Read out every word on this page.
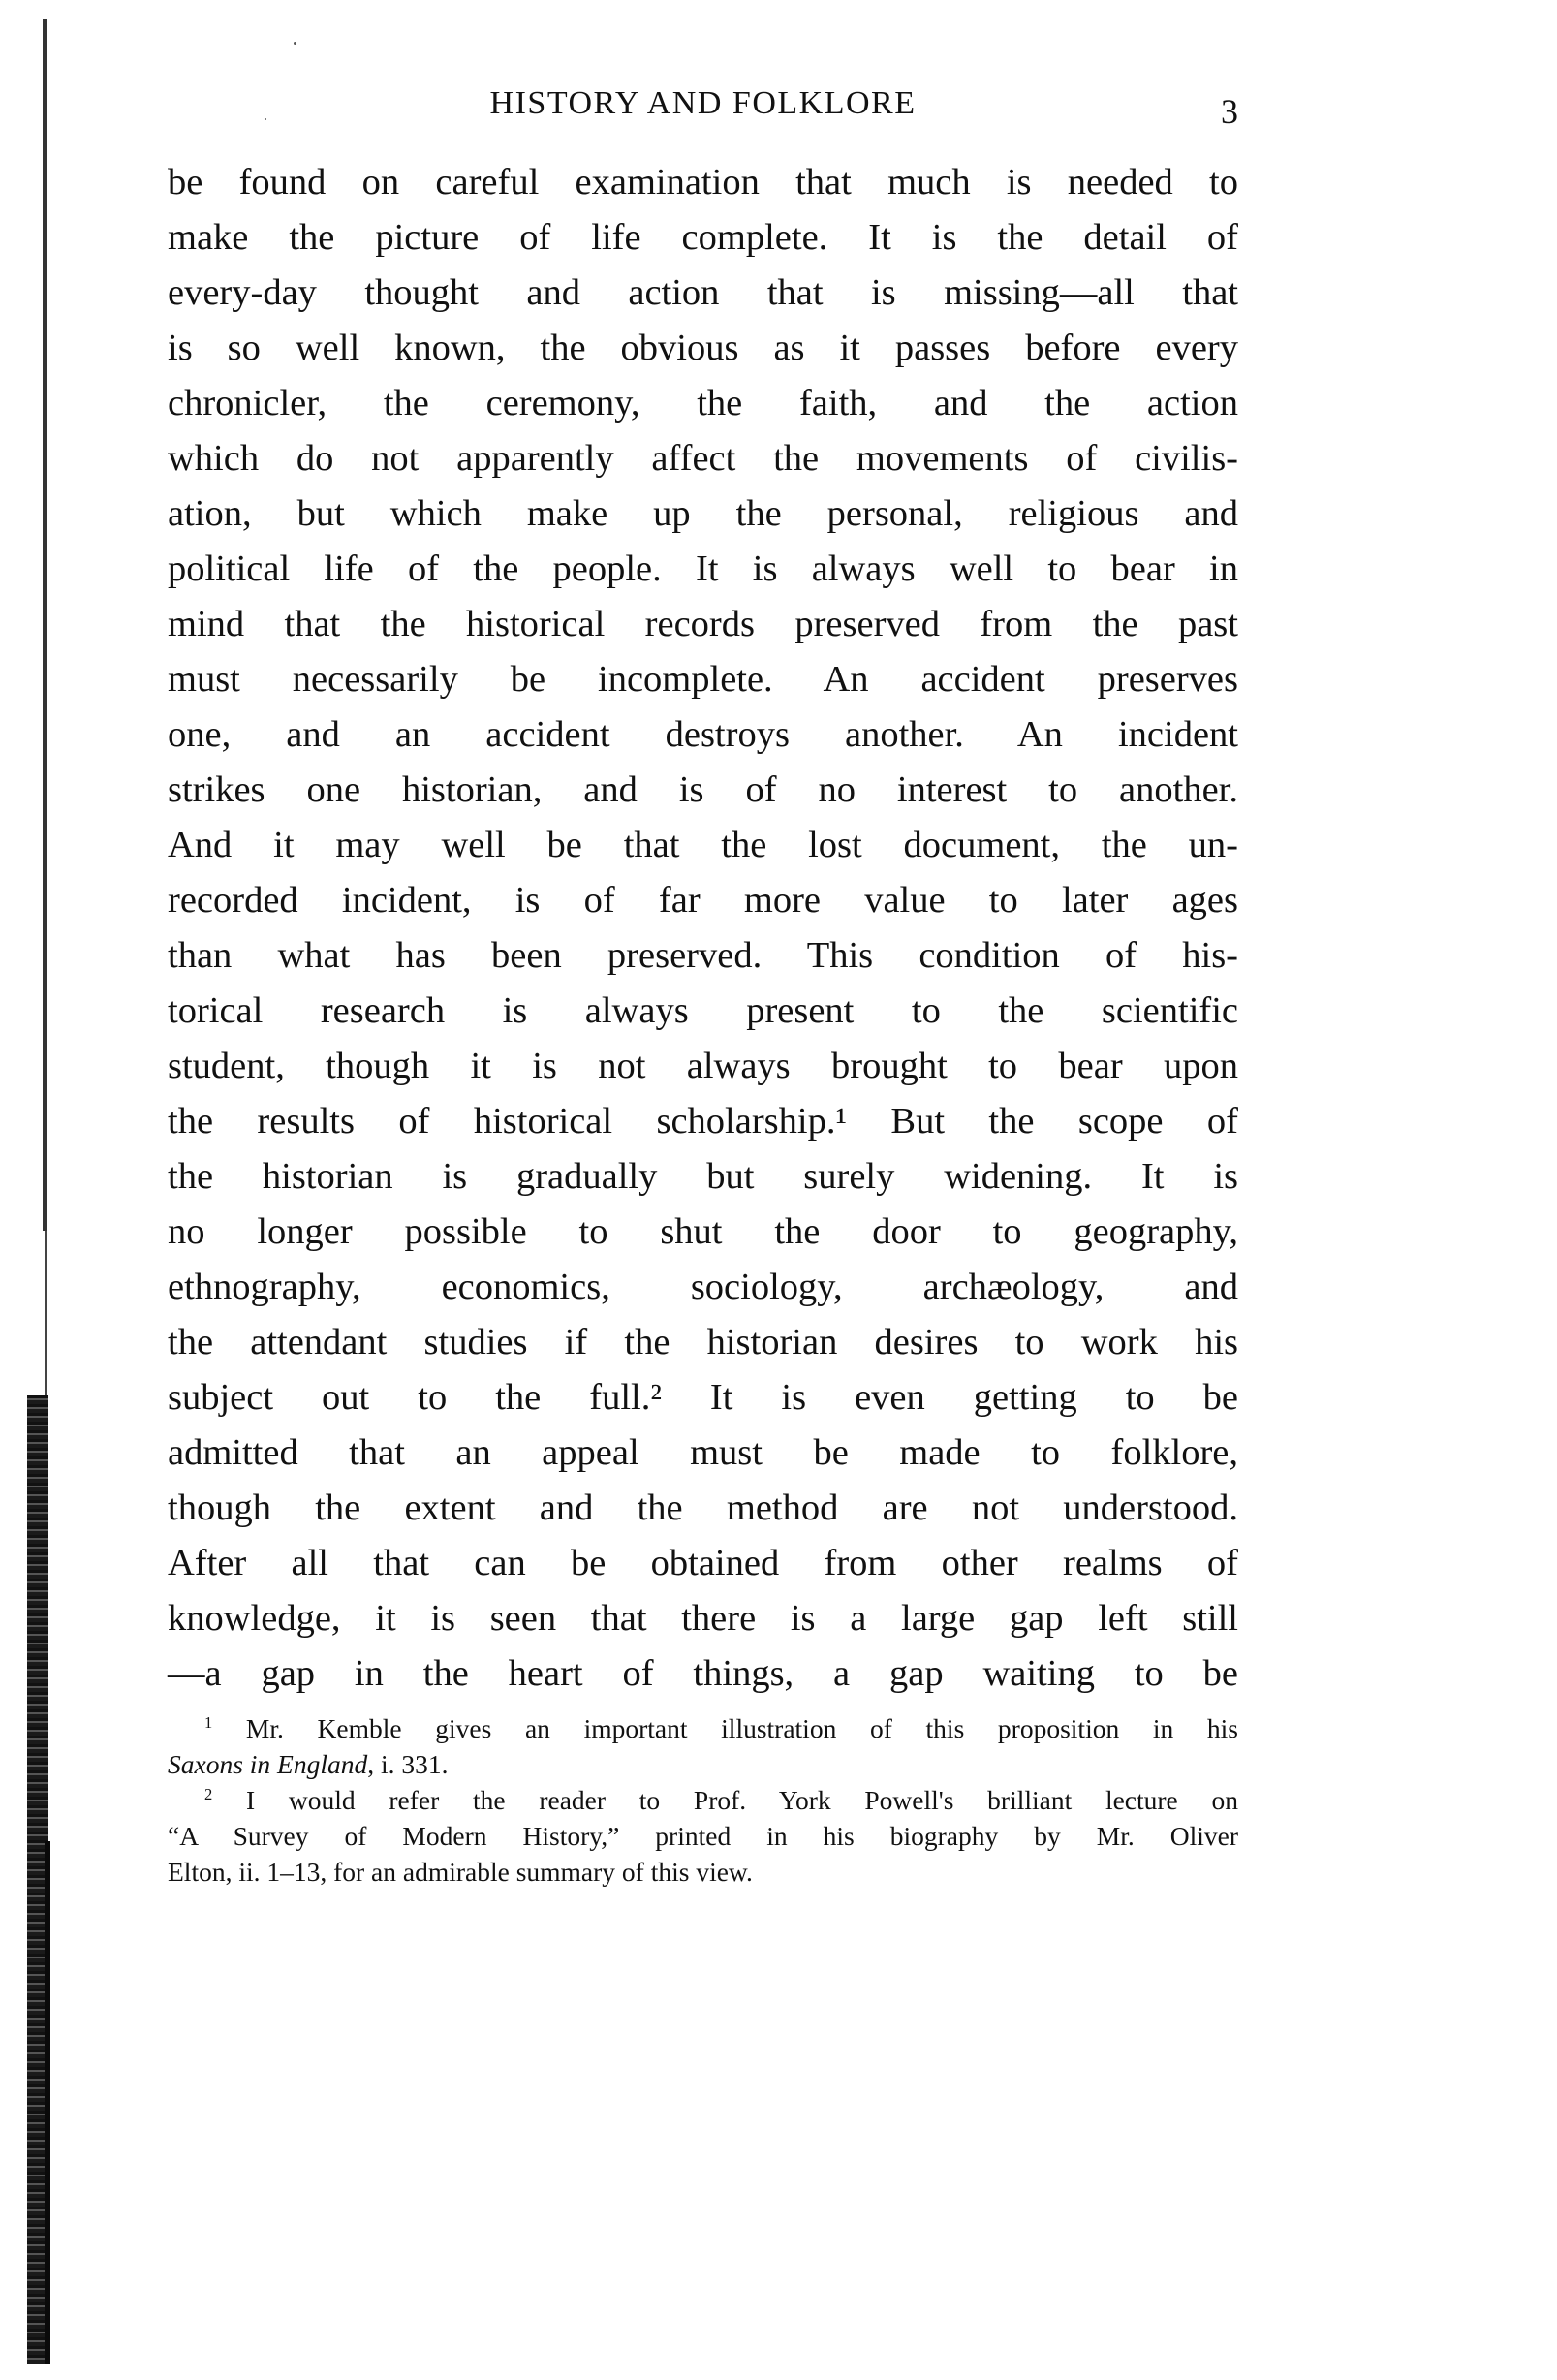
HISTORY AND FOLKLORE	3
be found on careful examination that much is needed to
make the picture of life complete. It is the detail of
every-day thought and action that is missing—all that
is so well known, the obvious as it passes before every
chronicler, the ceremony, the faith, and the action
which do not apparently affect the movements of civilis-
ation, but which make up the personal, religious and
political life of the people. It is always well to bear in
mind that the historical records preserved from the past
must necessarily be incomplete. An accident preserves
one, and an accident destroys another. An incident
strikes one historian, and is of no interest to another.
And it may well be that the lost document, the un-
recorded incident, is of far more value to later ages
than what has been preserved. This condition of his-
torical research is always present to the scientific
student, though it is not always brought to bear upon
the results of historical scholarship.¹ But the scope of
the historian is gradually but surely widening. It is
no longer possible to shut the door to geography,
ethnography, economics, sociology, archæology, and
the attendant studies if the historian desires to work his
subject out to the full.² It is even getting to be
admitted that an appeal must be made to folklore,
though the extent and the method are not understood.
After all that can be obtained from other realms of
knowledge, it is seen that there is a large gap left still
—a gap in the heart of things, a gap waiting to be
$^1$ Mr. Kemble gives an important illustration of this proposition in his
Saxons in England, i. 331.
$^2$ I would refer the reader to Prof. York Powell's brilliant lecture on
“A Survey of Modern History,” printed in his biography by Mr. Oliver
Elton, ii. 1–13, for an admirable summary of this view.
